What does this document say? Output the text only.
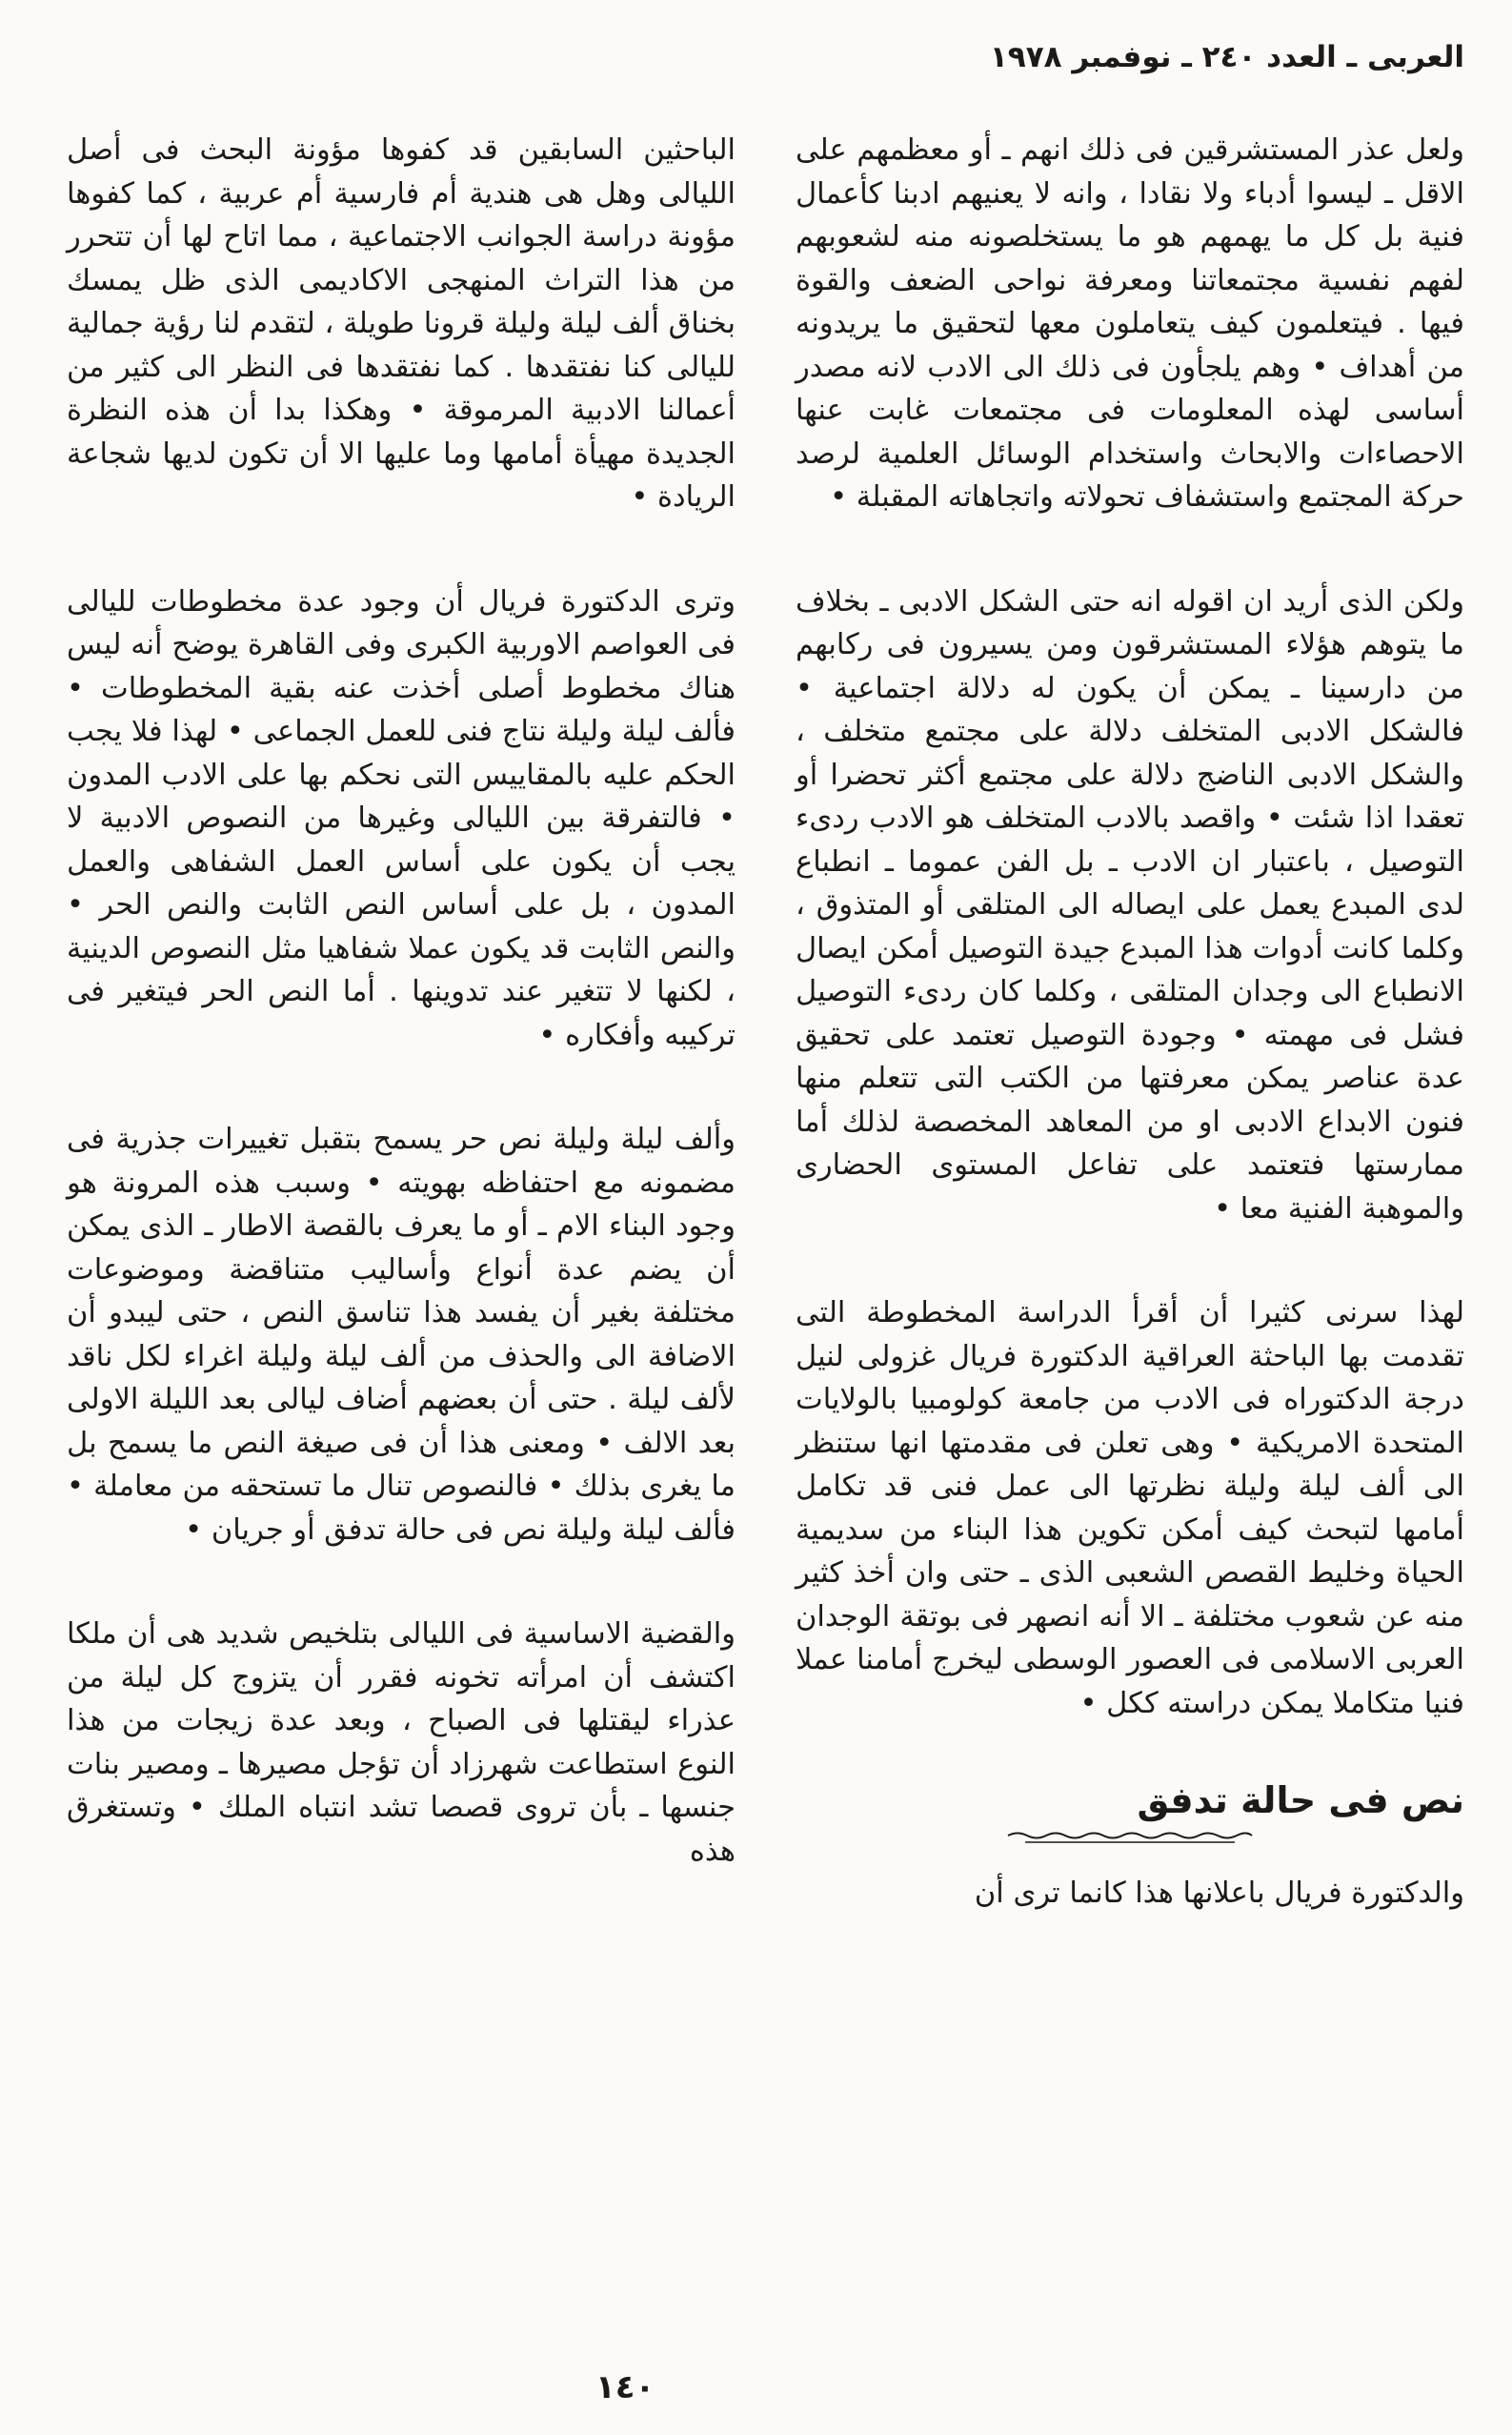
العربى ـ العدد ٢٤٠ ـ نوفمبر ١٩٧٨

ولعل عذر المستشرقين فى ذلك انهم ـ أو معظمهم على الاقل ـ ليسوا أدباء ولا نقادا ، وانه لا يعنيهم ادبنا كأعمال فنية بل كل ما يهمهم هو ما يستخلصونه منه لشعوبهم لفهم نفسية مجتمعاتنا ومعرفة نواحى الضعف والقوة فيها . فيتعلمون كيف يتعاملون معها لتحقيق ما يريدونه من أهداف • وهم يلجأون فى ذلك الى الادب لانه مصدر أساسى لهذه المعلومات فى مجتمعات غابت عنها الاحصاءات والابحاث واستخدام الوسائل العلمية لرصد حركة المجتمع واستشفاف تحولاته واتجاهاته المقبلة •

ولكن الذى أريد ان اقوله انه حتى الشكل الادبى ـ بخلاف ما يتوهم هؤلاء المستشرقون ومن يسيرون فى ركابهم من دارسينا ـ يمكن أن يكون له دلالة اجتماعية • فالشكل الادبى المتخلف دلالة على مجتمع متخلف ، والشكل الادبى الناضج دلالة على مجتمع أكثر تحضرا أو تعقدا اذا شئت • واقصد بالادب المتخلف هو الادب ردىء التوصيل ، باعتبار ان الادب ـ بل الفن عموما ـ انطباع لدى المبدع يعمل على ايصاله الى المتلقى أو المتذوق ، وكلما كانت أدوات هذا المبدع جيدة التوصيل أمكن ايصال الانطباع الى وجدان المتلقى ، وكلما كان ردىء التوصيل فشل فى مهمته • وجودة التوصيل تعتمد على تحقيق عدة عناصر يمكن معرفتها من الكتب التى تتعلم منها فنون الابداع الادبى او من المعاهد المخصصة لذلك أما ممارستها فتعتمد على تفاعل المستوى الحضارى والموهبة الفنية معا •

لهذا سرنى كثيرا أن أقرأ الدراسة المخطوطة التى تقدمت بها الباحثة العراقية الدكتورة فريال غزولى لنيل درجة الدكتوراه فى الادب من جامعة كولومبيا بالولايات المتحدة الامريكية • وهى تعلن فى مقدمتها انها ستنظر الى ألف ليلة وليلة نظرتها الى عمل فنى قد تكامل أمامها لتبحث كيف أمكن تكوين هذا البناء من سديمية الحياة وخليط القصص الشعبى الذى ـ حتى وان أخذ كثير منه عن شعوب مختلفة ـ الا أنه انصهر فى بوتقة الوجدان العربى الاسلامى فى العصور الوسطى ليخرج أمامنا عملا فنيا متكاملا يمكن دراسته ككل •

نص فى حالة تدفق

والدكتورة فريال باعلانها هذا كانما ترى أن

الباحثين السابقين قد كفوها مؤونة البحث فى أصل الليالى وهل هى هندية أم فارسية أم عربية ، كما كفوها مؤونة دراسة الجوانب الاجتماعية ، مما اتاح لها أن تتحرر من هذا التراث المنهجى الاكاديمى الذى ظل يمسك بخناق ألف ليلة وليلة قرونا طويلة ، لتقدم لنا رؤية جمالية لليالى كنا نفتقدها . كما نفتقدها فى النظر الى كثير من أعمالنا الادبية المرموقة • وهكذا بدا أن هذه النظرة الجديدة مهيأة أمامها وما عليها الا أن تكون لديها شجاعة الريادة •

وترى الدكتورة فريال أن وجود عدة مخطوطات لليالى فى العواصم الاوربية الكبرى وفى القاهرة يوضح أنه ليس هناك مخطوط أصلى أخذت عنه بقية المخطوطات • فألف ليلة وليلة نتاج فنى للعمل الجماعى • لهذا فلا يجب الحكم عليه بالمقاييس التى نحكم بها على الادب المدون • فالتفرقة بين الليالى وغيرها من النصوص الادبية لا يجب أن يكون على أساس العمل الشفاهى والعمل المدون ، بل على أساس النص الثابت والنص الحر • والنص الثابت قد يكون عملا شفاهيا مثل النصوص الدينية ، لكنها لا تتغير عند تدوينها . أما النص الحر فيتغير فى تركيبه وأفكاره •

وألف ليلة وليلة نص حر يسمح بتقبل تغييرات جذرية فى مضمونه مع احتفاظه بهويته • وسبب هذه المرونة هو وجود البناء الام ـ أو ما يعرف بالقصة الاطار ـ الذى يمكن أن يضم عدة أنواع وأساليب متناقضة وموضوعات مختلفة بغير أن يفسد هذا تناسق النص ، حتى ليبدو أن الاضافة الى والحذف من ألف ليلة وليلة اغراء لكل ناقد لألف ليلة . حتى أن بعضهم أضاف ليالى بعد الليلة الاولى بعد الالف • ومعنى هذا أن فى صيغة النص ما يسمح بل ما يغرى بذلك • فالنصوص تنال ما تستحقه من معاملة • فألف ليلة وليلة نص فى حالة تدفق أو جريان •

والقضية الاساسية فى الليالى بتلخيص شديد هى أن ملكا اكتشف أن امرأته تخونه فقرر أن يتزوج كل ليلة من عذراء ليقتلها فى الصباح ، وبعد عدة زيجات من هذا النوع استطاعت شهرزاد أن تؤجل مصيرها ـ ومصير بنات جنسها ـ بأن تروى قصصا تشد انتباه الملك • وتستغرق هذه

١٤٠
